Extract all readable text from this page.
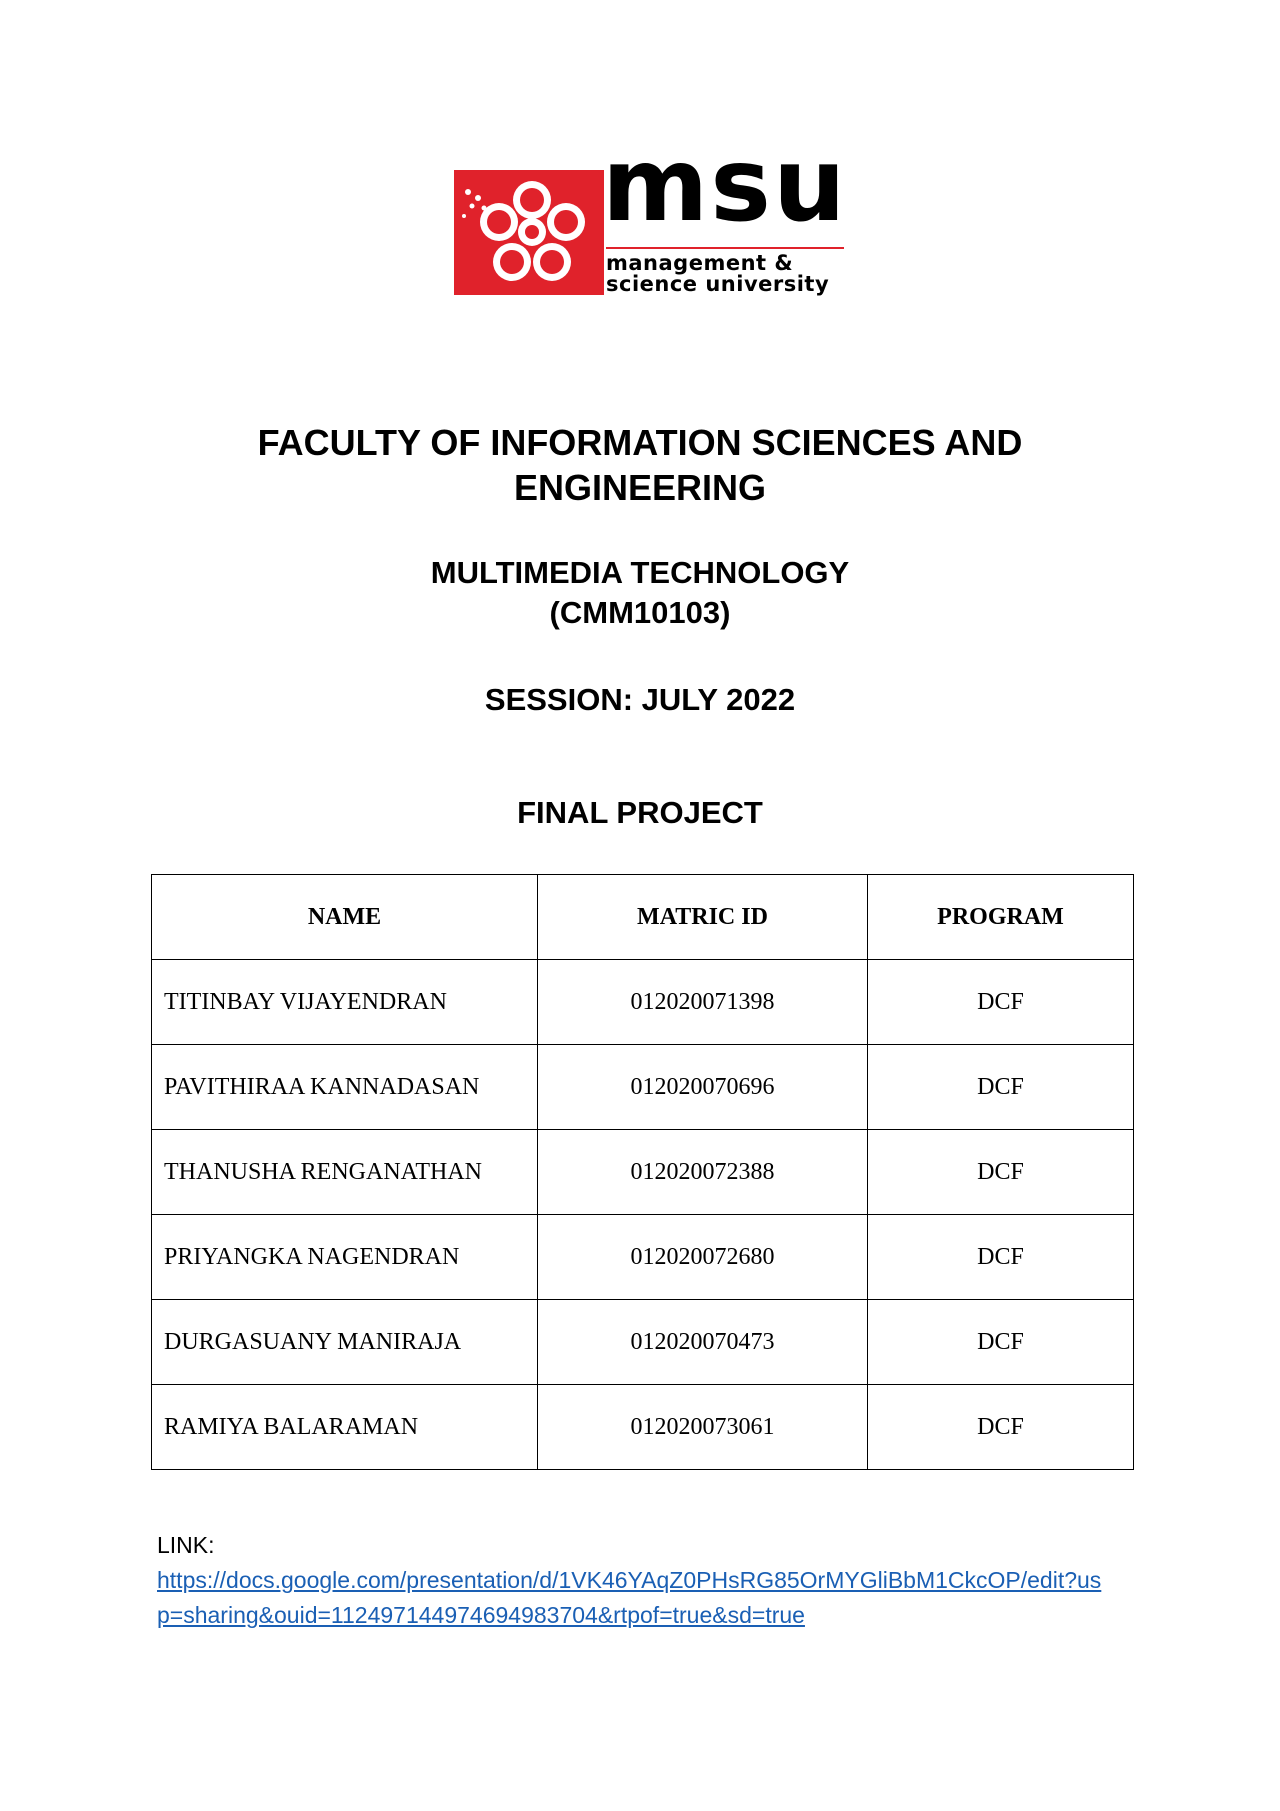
msu
management &
science university
FACULTY OF INFORMATION SCIENCES AND
ENGINEERING
MULTIMEDIA TECHNOLOGY
(CMM10103)
SESSION: JULY 2022
FINAL PROJECT
NAME	MATRIC ID	PROGRAM
TITINBAY VIJAYENDRAN	012020071398	DCF
PAVITHIRAA KANNADASAN	012020070696	DCF
THANUSHA RENGANATHAN	012020072388	DCF
PRIYANGKA NAGENDRAN	012020072680	DCF
DURGASUANY MANIRAJA	012020070473	DCF
RAMIYA BALARAMAN	012020073061	DCF
LINK:
https://docs.google.com/presentation/d/1VK46YAqZ0PHsRG85OrMYGliBbM1CkcOP/edit?us
p=sharing&ouid=112497144974694983704&rtpof=true&sd=true
